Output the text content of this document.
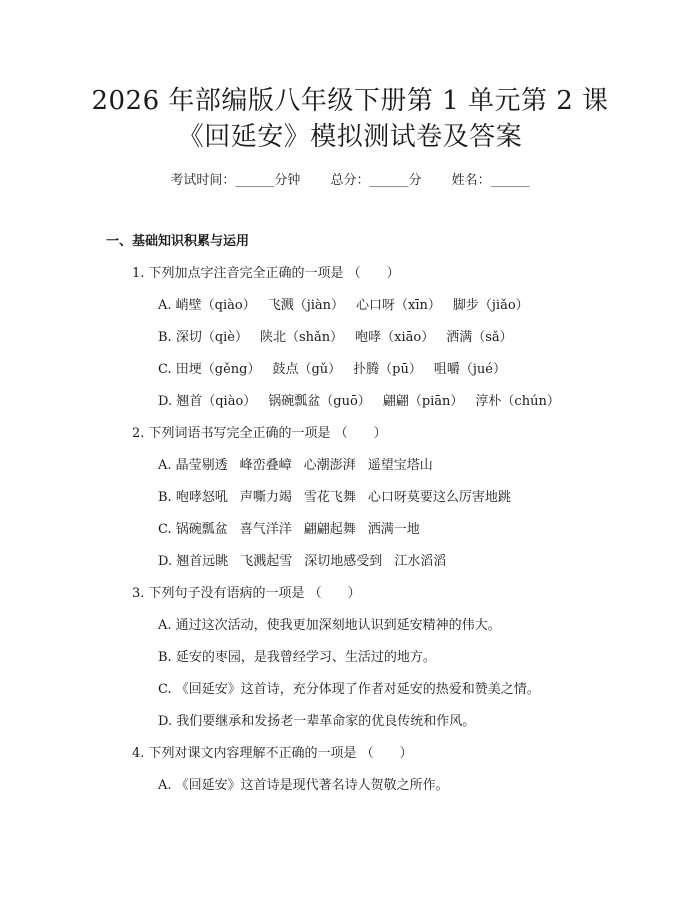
2026 年部编版八年级下册第 1 单元第 2 课
《回延安》模拟测试卷及答案
考试时间：______分钟 总分：______分 姓名：______
一、基础知识积累与运用
1. 下列加点字注音完全正确的一项是 （　　）
A. 峭壁（qiào） 飞溅（jiàn） 心口呀（xīn） 脚步（jiǎo）
B. 深切（qiè） 陕北（shǎn） 咆哮（xiāo） 洒满（sǎ）
C. 田埂（gěng） 鼓点（gǔ） 扑腾（pū） 咀嚼（jué）
D. 翘首（qiào） 锅碗瓢盆（guō） 翩翩（piān） 淳朴（chún）
2. 下列词语书写完全正确的一项是 （　　）
A. 晶莹剔透 峰峦叠嶂 心潮澎湃 遥望宝塔山
B. 咆哮怒吼 声嘶力竭 雪花飞舞 心口呀莫要这么厉害地跳
C. 锅碗瓢盆 喜气洋洋 翩翩起舞 洒满一地
D. 翘首远眺 飞溅起雪 深切地感受到 江水滔滔
3. 下列句子没有语病的一项是 （　　）
A. 通过这次活动，使我更加深刻地认识到延安精神的伟大。
B. 延安的枣园，是我曾经学习、生活过的地方。
C. 《回延安》这首诗，充分体现了作者对延安的热爱和赞美之情。
D. 我们要继承和发扬老一辈革命家的优良传统和作风。
4. 下列对课文内容理解不正确的一项是 （　　）
A. 《回延安》这首诗是现代著名诗人贺敬之所作。
